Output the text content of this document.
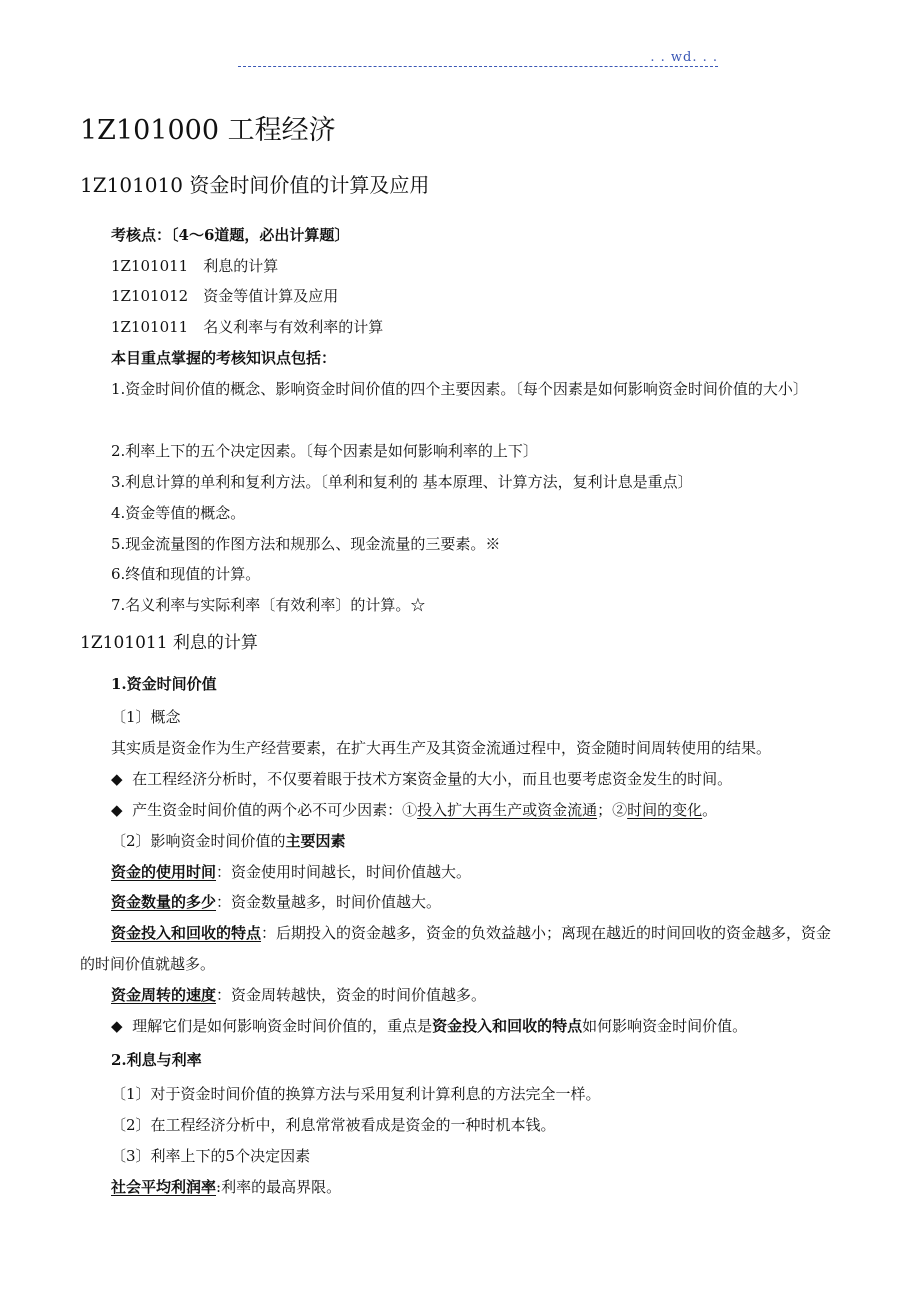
. . wd. . .
1Z101000 工程经济
1Z101010 资金时间价值的计算及应用
考核点：〔4～6道题，必出计算题〕
1Z101011　利息的计算
1Z101012　资金等值计算及应用
1Z101011　名义利率与有效利率的计算
本目重点掌握的考核知识点包括：
1.资金时间价值的概念、影响资金时间价值的四个主要因素。〔每个因素是如何影响资金时间价值的大小〕
2.利率上下的五个决定因素。〔每个因素是如何影响利率的上下〕
3.利息计算的单利和复利方法。〔单利和复利的 基本原理、计算方法，复利计息是重点〕
4.资金等值的概念。
5.现金流量图的作图方法和规那么、现金流量的三要素。※
6.终值和现值的计算。
7.名义利率与实际利率〔有效利率〕的计算。☆
1Z101011 利息的计算
1.资金时间价值
〔1〕概念
其实质是资金作为生产经营要素，在扩大再生产及其资金流通过程中，资金随时间周转使用的结果。
◆ 在工程经济分析时，不仅要着眼于技术方案资金量的大小，而且也要考虑资金发生的时间。
◆ 产生资金时间价值的两个必不可少因素：①投入扩大再生产或资金流通；②时间的变化。
〔2〕影响资金时间价值的主要因素
资金的使用时间：资金使用时间越长，时间价值越大。
资金数量的多少：资金数量越多，时间价值越大。
资金投入和回收的特点：后期投入的资金越多，资金的负效益越小；离现在越近的时间回收的资金越多，资金的时间价值就越多。
资金周转的速度：资金周转越快，资金的时间价值越多。
◆ 理解它们是如何影响资金时间价值的，重点是资金投入和回收的特点如何影响资金时间价值。
2.利息与利率
〔1〕对于资金时间价值的换算方法与采用复利计算利息的方法完全一样。
〔2〕在工程经济分析中，利息常常被看成是资金的一种时机本钱。
〔3〕利率上下的5个决定因素
社会平均利润率:利率的最高界限。
